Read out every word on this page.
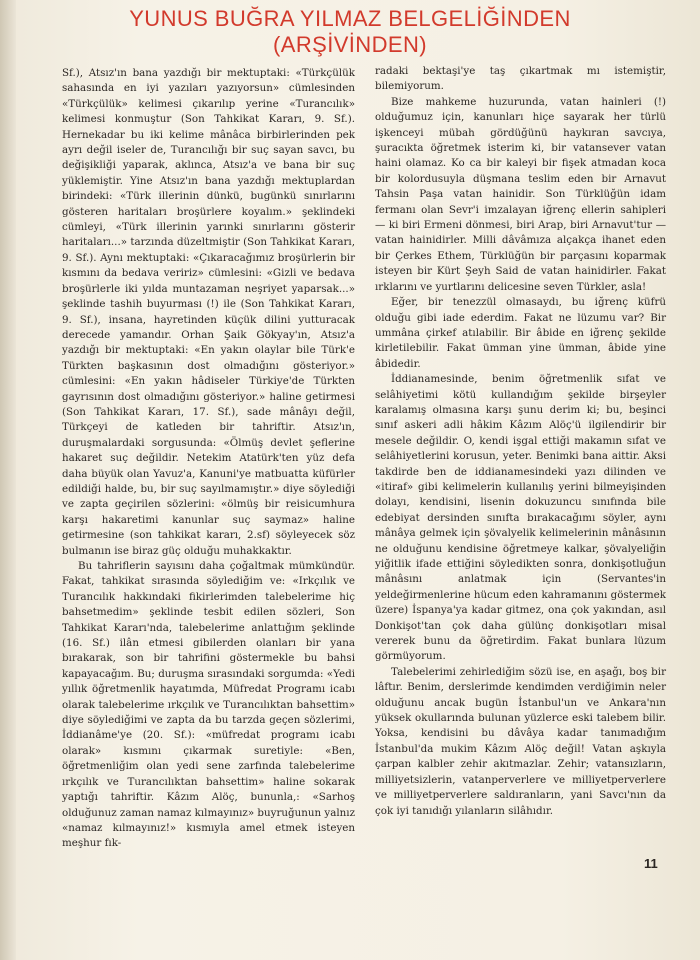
YUNUS BUĞRA YILMAZ BELGELİĞİNDEN
(ARŞİVİNDEN)

Sf.), Atsız'ın bana yazdığı bir mektuptaki: «Türkçülük sahasında en iyi yazıları yazıyorsun» cümlesinden «Türkçülük» kelimesi çıkarılıp yerine «Turancılık» kelimesi konmuştur (Son Tahkikat Kararı, 9. Sf.). Hernekadar bu iki kelime mânâca birbirlerinden pek ayrı değil iseler de, Turancılığı bir suç sayan savcı, bu değişikliği yaparak, aklınca, Atsız'a ve bana bir suç yüklemiştir. Yine Atsız'ın bana yazdığı mektuplardan birindeki: «Türk illerinin dünkü, bugünkü sınırlarını gösteren haritaları broşürlere koyalım.» şeklindeki cümleyi, «Türk illerinin yarınki sınırlarını gösterir haritaları...» tarzında düzeltmiştir (Son Tahkikat Kararı, 9. Sf.). Aynı mektuptaki: «Çıkaracağımız broşürlerin bir kısmını da bedava veririz» cümlesini: «Gizli ve bedava broşürlerle iki yılda muntazaman neşriyet yaparsak...» şeklinde tashih buyurması (!) ile (Son Tahkikat Kararı, 9. Sf.), insana, hayretinden küçük dilini yutturacak derecede yamandır. Orhan Şaik Gökyay'ın, Atsız'a yazdığı bir mektuptaki: «En yakın olaylar bile Türk'e Türkten başkasının dost olmadığını gösteriyor.» cümlesini: «En yakın hâdiseler Türkiye'de Türkten gayrısının dost olmadığını gösteriyor.» haline getirmesi (Son Tahkikat Kararı, 17. Sf.), sade mânâyı değil, Türkçeyi de katleden bir tahriftir. Atsız'ın, duruşmalardaki sorgusunda: «Ölmüş devlet şeflerine hakaret suç değildir. Netekim Atatürk'ten yüz defa daha büyük olan Yavuz'a, Kanuni'ye matbuatta küfürler edildiği halde, bu, bir suç sayılmamıştır.» diye söylediği ve zapta geçirilen sözlerini: «ölmüş bir reisicumhura karşı hakaretimi kanunlar suç saymaz» haline getirmesine (son tahkikat kararı, 2.sf) söyleyecek söz bulmanın ise biraz güç olduğu muhakkaktır.

Bu tahriflerin sayısını daha çoğaltmak mümkündür. Fakat, tahkikat sırasında söylediğim ve: «Irkçılık ve Turancılık hakkındaki fikirlerimden talebelerime hiç bahsetmedim» şeklinde tesbit edilen sözleri, Son Tahkikat Kararı'nda, talebelerime anlattığım şeklinde (16. Sf.) ilân etmesi gibilerden olanları bir yana bırakarak, son bir tahrifini göstermekle bu bahsi kapayacağım. Bu; duruşma sırasındaki sorgumda: «Yedi yıllık öğretmenlik hayatımda, Müfredat Programı icabı olarak talebelerime ırkçılık ve Turancılıktan bahsettim» diye söylediğimi ve zapta da bu tarzda geçen sözlerimi, İddianâme'ye (20. Sf.): «müfredat programı icabı olarak» kısmını çıkarmak suretiyle: «Ben, öğretmenliğim olan yedi sene zarfında talebelerime ırkçılık ve Turancılıktan bahsettim» haline sokarak yaptığı tahriftir. Kâzım Alöç, bununla,: «Sarhoş olduğunuz zaman namaz kılmayınız» buyruğunun yalnız «namaz kılmayınız!» kısmıyla amel etmek isteyen meşhur fık-

radaki bektaşi'ye taş çıkartmak mı istemiştir, bilemiyorum.

Bize mahkeme huzurunda, vatan hainleri (!) olduğumuz için, kanunları hiçe sayarak her türlü işkenceyi mübah gördüğünü haykıran savcıya, şuracıkta öğretmek isterim ki, bir vatansever vatan haini olamaz. Ko ca bir kaleyi bir fişek atmadan koca bir kolordusuyla düşmana teslim eden bir Arnavut Tahsin Paşa vatan hainidir. Son Türklüğün idam fermanı olan Sevr'i imzalayan iğrenç ellerin sahipleri — ki biri Ermeni dönmesi, biri Arap, biri Arnavut'tur — vatan hainidirler. Milli dâvâmıza alçakça ihanet eden bir Çerkes Ethem, Türklüğün bir parçasını koparmak isteyen bir Kürt Şeyh Said de vatan hainidirler. Fakat ırklarını ve yurtlarını delicesine seven Türkler, asla!

Eğer, bir tenezzül olmasaydı, bu iğrenç küfrü olduğu gibi iade ederdim. Fakat ne lüzumu var? Bir ummâna çirkef atılabilir. Bir âbide en iğrenç şekilde kirletilebilir. Fakat ümman yine ümman, âbide yine âbidedir.

İddianamesinde, benim öğretmenlik sıfat ve selâhiyetimi kötü kullandığım şekilde birşeyler karalamış olmasına karşı şunu derim ki; bu, beşinci sınıf askeri adli hâkim Kâzım Alöç'ü ilgilendirir bir mesele değildir. O, kendi işgal ettiği makamın sıfat ve selâhiyetlerini korusun, yeter. Benimki bana aittir. Aksi takdirde ben de iddianamesindeki yazı dilinden ve «itiraf» gibi kelimelerin kullanılış yerini bilmeyişinden dolayı, kendisini, lisenin dokuzuncu sınıfında bile edebiyat dersinden sınıfta bırakacağımı söyler, aynı mânâya gelmek için şövalyelik kelimelerinin mânâsının ne olduğunu kendisine öğretmeye kalkar, şövalyeliğin yiğitlik ifade ettiğini söyledikten sonra, donkişotluğun mânâsını anlatmak için (Servantes'in yeldeğirmenlerine hücum eden kahramanını göstermek üzere) İspanya'ya kadar gitmez, ona çok yakından, asıl Donkişot'tan çok daha gülünç donkişotları misal vererek bunu da öğretirdim. Fakat bunlara lüzum görmüyorum.

Talebelerimi zehirlediğim sözü ise, en aşağı, boş bir lâftır. Benim, derslerimde kendimden verdiğimin neler olduğunu ancak bugün İstanbul'un ve Ankara'nın yüksek okullarında bulunan yüzlerce eski talebem bilir. Yoksa, kendisini bu dâvâya kadar tanımadığım İstanbul'da mukim Kâzım Alöç değil! Vatan aşkıyla çarpan kalbler zehir akıtmazlar. Zehir; vatansızların, milliyetsizlerin, vatanperverlere ve milliyetperverlere ve milliyetperverlere saldıranların, yani Savcı'nın da çok iyi tanıdığı yılanların silâhıdır.

11
